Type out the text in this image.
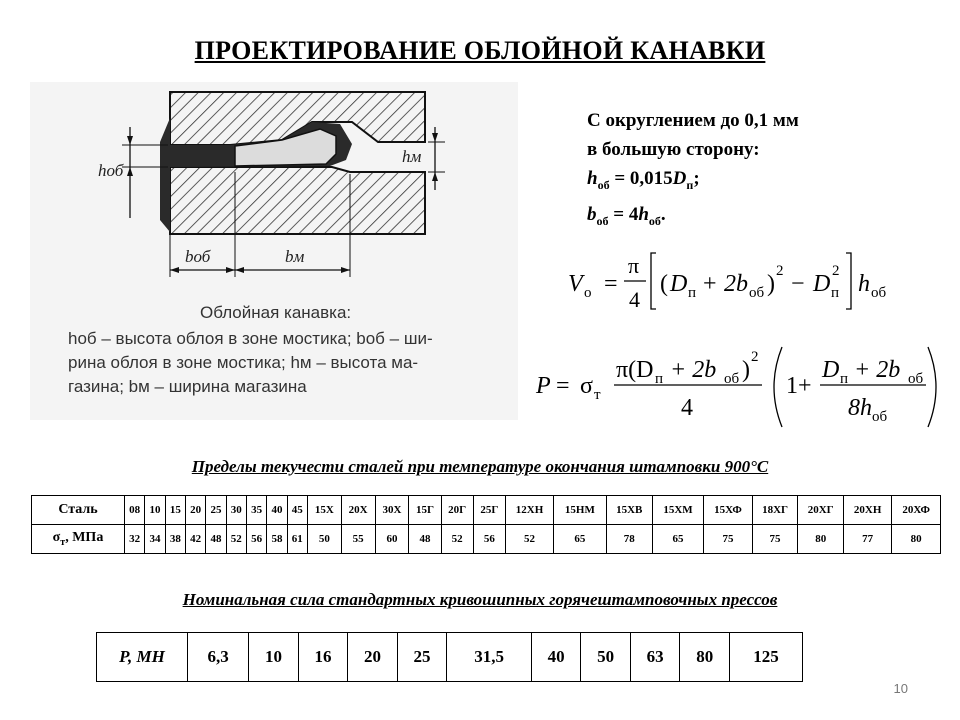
ПРОЕКТИРОВАНИЕ ОБЛОЙНОЙ КАНАВКИ
hоб
hм
bоб	bм
Облойная канавка:
hоб – высота облоя в зоне мостика; bоб – ши-
рина облоя в зоне мостика; hм – высота ма-
газина; bм – ширина магазина
С округлением до 0,1 мм
в большую сторону:
$h_{об} = 0,015D_п$;
$b_{об} = 4h_{об}$.
V о =
π
4
( D п + 2b об ) 2 − D п
2 h об
P = σ т
π(D п + 2b об ) 2
4
1+
D п + 2b об
8h об
Пределы текучести сталей при температуре окончания штамповки 900°С
Сталь	08	10	15	20	25	30	35	40	45	15Х	20Х	30Х	15Г	20Г	25Г	12ХН	15НМ	15ХВ	15ХМ	15ХФ	18ХГ	20ХГ	20ХН	20ХФ
$\sigma_т$, МПа	32	34	38	42	48	52	56	58	61	50	55	60	48	52	56	52	65	78	65	75	75	80	77	80
Номинальная сила стандартных кривошипных горячештамповочных прессов
Р, МН	6,3	10	16	20	25	31,5	40	50	63	80	125
10
